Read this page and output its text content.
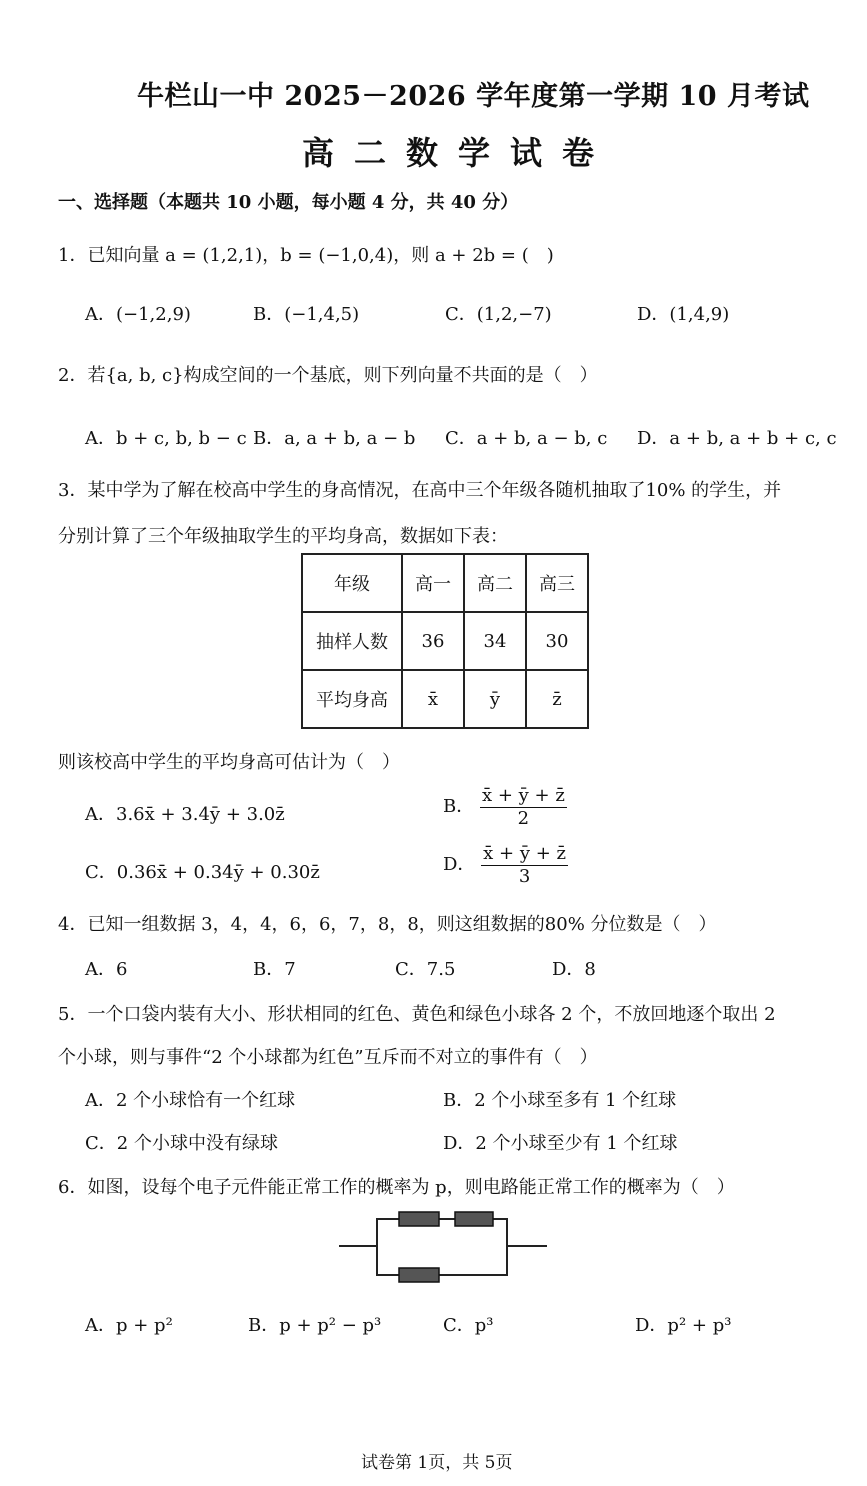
牛栏山一中 2025－2026 学年度第一学期 10 月考试
高二数学试卷
一、选择题（本题共 10 小题，每小题 4 分，共 40 分）
1．已知向量 a = (1,2,1)，b = (−1,0,4)，则 a + 2b = (　)
A．(−1,2,9)	B．(−1,4,5)	C．(1,2,−7)	D．(1,4,9)
2．若{a, b, c}构成空间的一个基底，则下列向量不共面的是（　）
A．b + c, b, b − c B．a, a + b, a − b C．a + b, a − b, c D．a + b, a + b + c, c
3．某中学为了解在校高中学生的身高情况，在高中三个年级各随机抽取了10% 的学生，并
分别计算了三个年级抽取学生的平均身高，数据如下表：
年级	高一	高二	高三
抽样人数	36	34	30
平均身高	x̄	ȳ	z̄
则该校高中学生的平均身高可估计为（　）
A．3.6x̄ + 3.4ȳ + 3.0z̄	B． $\frac{x̄ + ȳ + z̄}{2}$
C．0.36x̄ + 0.34ȳ + 0.30z̄	D． $\frac{x̄ + ȳ + z̄}{3}$
4．已知一组数据 3，4，4，6，6，7，8，8，则这组数据的80% 分位数是（　）
A．6	B．7	C．7.5	D．8
5．一个口袋内装有大小、形状相同的红色、黄色和绿色小球各 2 个，不放回地逐个取出 2
个小球，则与事件“2 个小球都为红色”互斥而不对立的事件有（　）
A．2 个小球恰有一个红球	B．2 个小球至多有 1 个红球
C．2 个小球中没有绿球	D．2 个小球至少有 1 个红球
6．如图，设每个电子元件能正常工作的概率为 p，则电路能正常工作的概率为（　）
A．p + p²	B．p + p² − p³	C．p³	D．p² + p³
试卷第 1页，共 5页
